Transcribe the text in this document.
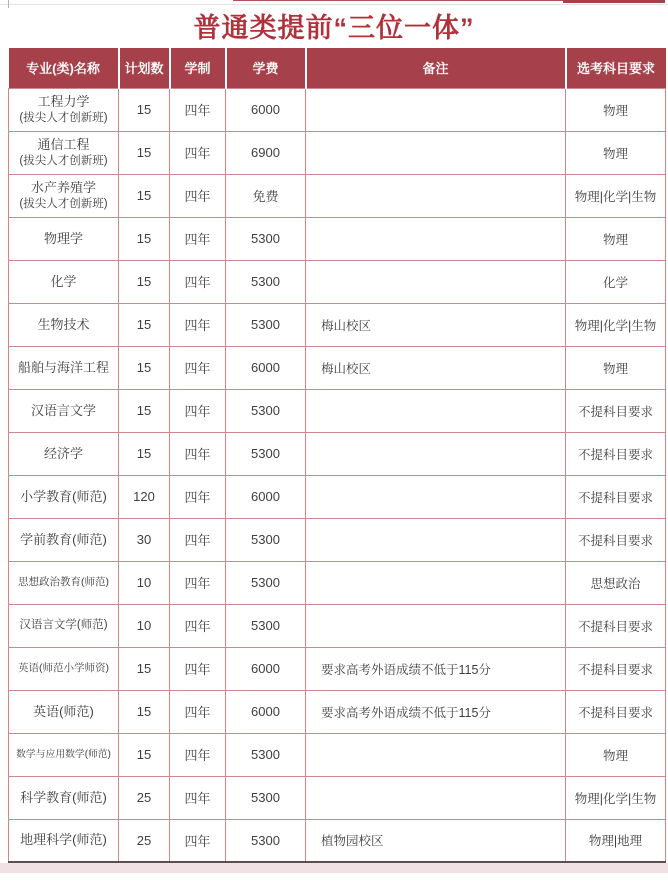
普通类提前“三位一体”
专业(类)名称	计划数	学制	学费	备注	选考科目要求

工程力学
(拔尖人才创新班)	15	四年	6000		物理

通信工程
(拔尖人才创新班)	15	四年	6900		物理

水产养殖学
(拔尖人才创新班)	15	四年	免费		物理|化学|生物

物理学	15	四年	5300		物理

化学	15	四年	5300		化学

生物技术	15	四年	5300	梅山校区	物理|化学|生物

船舶与海洋工程	15	四年	6000	梅山校区	物理

汉语言文学	15	四年	5300		不提科目要求

经济学	15	四年	5300		不提科目要求

小学教育(师范)	120	四年	6000		不提科目要求

学前教育(师范)	30	四年	5300		不提科目要求

思想政治教育(师范)	10	四年	5300		思想政治

汉语言文学(师范)	10	四年	5300		不提科目要求

英语(师范小学师资)	15	四年	6000	要求高考外语成绩不低于115分	不提科目要求

英语(师范)	15	四年	6000	要求高考外语成绩不低于115分	不提科目要求

数学与应用数学(师范)	15	四年	5300		物理

科学教育(师范)	25	四年	5300		物理|化学|生物

地理科学(师范)	25	四年	5300	植物园校区	物理|地理
